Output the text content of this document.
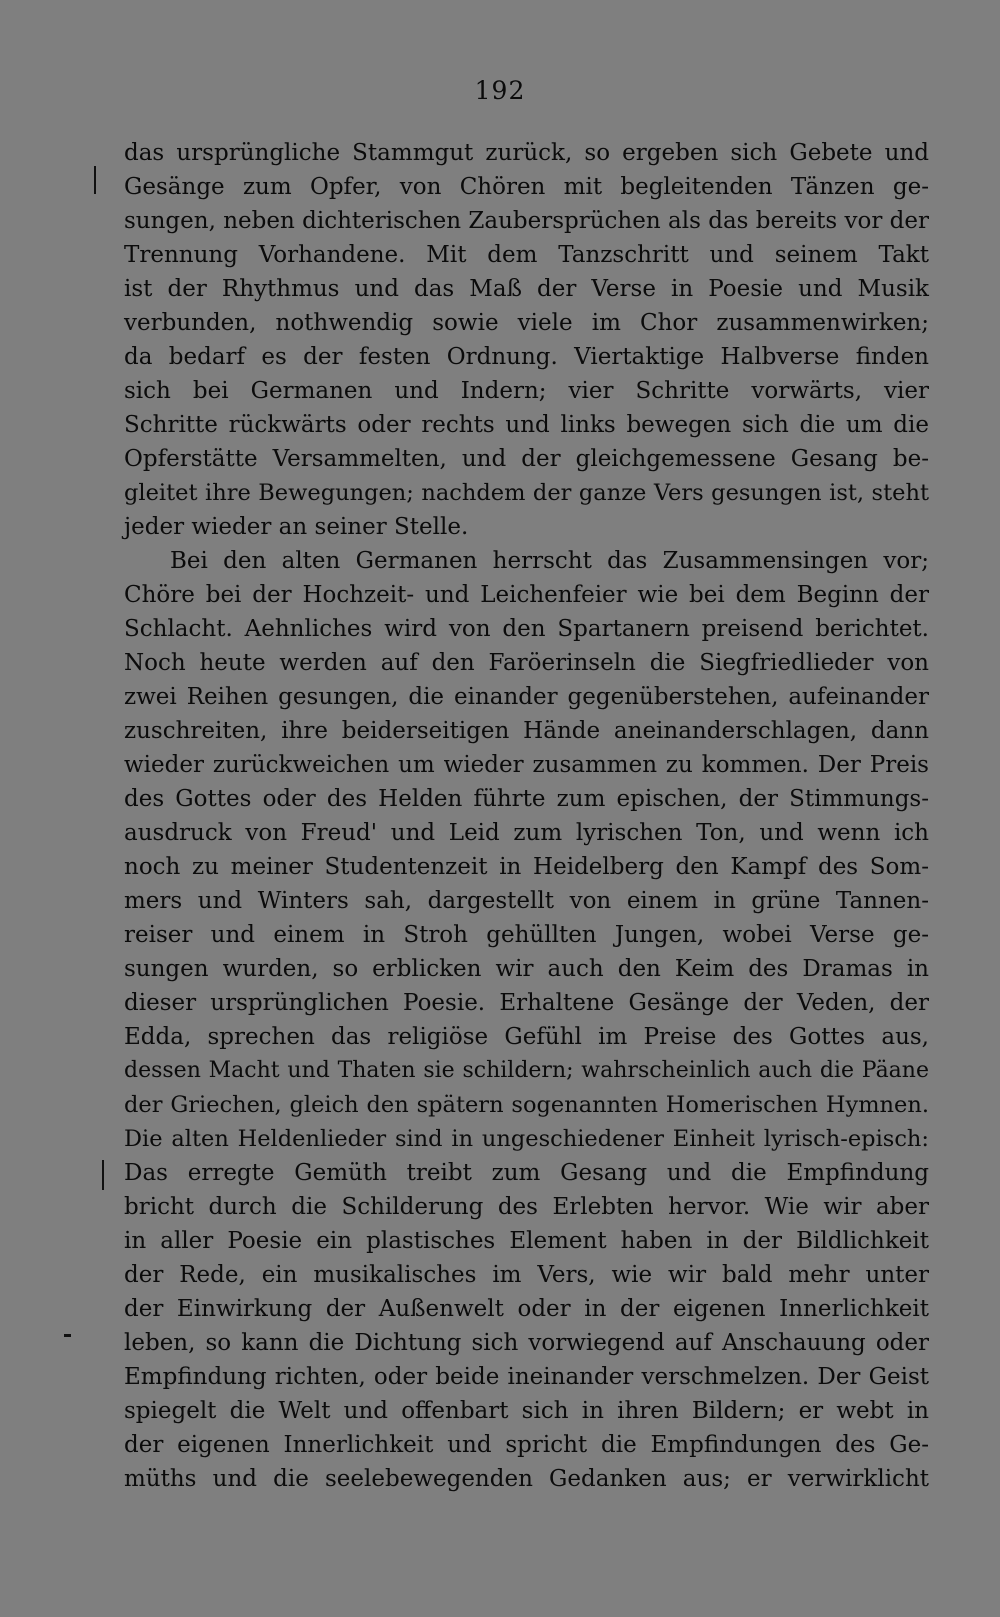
192
das ursprüngliche Stammgut zurück, so ergeben sich Gebete und
Gesänge zum Opfer, von Chören mit begleitenden Tänzen ge-
sungen, neben dichterischen Zaubersprüchen als das bereits vor der
Trennung Vorhandene. Mit dem Tanzschritt und seinem Takt
ist der Rhythmus und das Maß der Verse in Poesie und Musik
verbunden, nothwendig sowie viele im Chor zusammenwirken;
da bedarf es der festen Ordnung. Viertaktige Halbverse finden
sich bei Germanen und Indern; vier Schritte vorwärts, vier
Schritte rückwärts oder rechts und links bewegen sich die um die
Opferstätte Versammelten, und der gleichgemessene Gesang be-
gleitet ihre Bewegungen; nachdem der ganze Vers gesungen ist, steht
jeder wieder an seiner Stelle.
Bei den alten Germanen herrscht das Zusammensingen vor;
Chöre bei der Hochzeit- und Leichenfeier wie bei dem Beginn der
Schlacht. Aehnliches wird von den Spartanern preisend berichtet.
Noch heute werden auf den Faröerinseln die Siegfriedlieder von
zwei Reihen gesungen, die einander gegenüberstehen, aufeinander
zuschreiten, ihre beiderseitigen Hände aneinanderschlagen, dann
wieder zurückweichen um wieder zusammen zu kommen. Der Preis
des Gottes oder des Helden führte zum epischen, der Stimmungs-
ausdruck von Freud' und Leid zum lyrischen Ton, und wenn ich
noch zu meiner Studentenzeit in Heidelberg den Kampf des Som-
mers und Winters sah, dargestellt von einem in grüne Tannen-
reiser und einem in Stroh gehüllten Jungen, wobei Verse ge-
sungen wurden, so erblicken wir auch den Keim des Dramas in
dieser ursprünglichen Poesie. Erhaltene Gesänge der Veden, der
Edda, sprechen das religiöse Gefühl im Preise des Gottes aus,
dessen Macht und Thaten sie schildern; wahrscheinlich auch die Päane
der Griechen, gleich den spätern sogenannten Homerischen Hymnen.
Die alten Heldenlieder sind in ungeschiedener Einheit lyrisch-episch:
Das erregte Gemüth treibt zum Gesang und die Empfindung
bricht durch die Schilderung des Erlebten hervor. Wie wir aber
in aller Poesie ein plastisches Element haben in der Bildlichkeit
der Rede, ein musikalisches im Vers, wie wir bald mehr unter
der Einwirkung der Außenwelt oder in der eigenen Innerlichkeit
leben, so kann die Dichtung sich vorwiegend auf Anschauung oder
Empfindung richten, oder beide ineinander verschmelzen. Der Geist
spiegelt die Welt und offenbart sich in ihren Bildern; er webt in
der eigenen Innerlichkeit und spricht die Empfindungen des Ge-
müths und die seelebewegenden Gedanken aus; er verwirklicht
